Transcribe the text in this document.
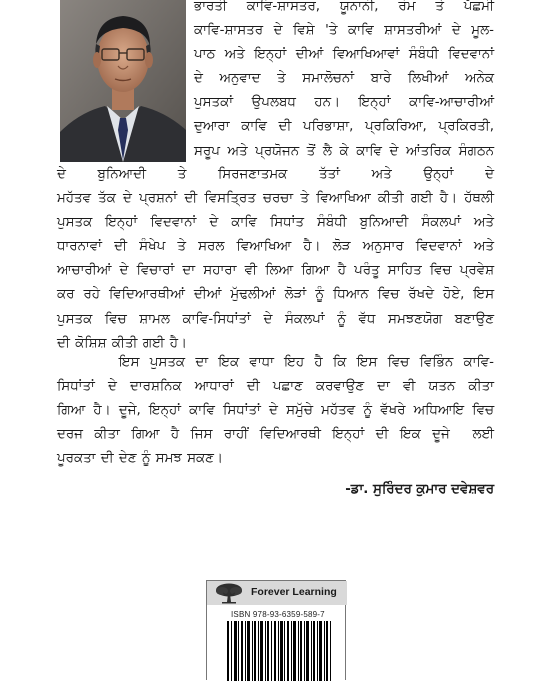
ਭਾਰਤੀ ਕਾਵਿ-ਸ਼ਾਸਤਰ, ਯੂਨਾਨੀ, ਰੋਮ ਤੇ ਪੱਛਮੀ
ਕਾਵਿ-ਸ਼ਾਸਤਰ ਦੇ ਵਿਸ਼ੇ 'ਤੇ ਕਾਵਿ ਸ਼ਾਸਤਰੀਆਂ ਦੇ ਮੂਲ-
ਪਾਠ ਅਤੇ ਇਨ੍ਹਾਂ ਦੀਆਂ ਵਿਆਖਿਆਵਾਂ ਸੰਬੰਧੀ ਵਿਦਵਾਨਾਂ
ਦੇ ਅਨੁਵਾਦ ਤੇ ਸਮਾਲੋਚਨਾਂ ਬਾਰੇ ਲਿਖੀਆਂ ਅਨੇਕ
ਪੁਸਤਕਾਂ ਉਪਲਬਧ ਹਨ। ਇਨ੍ਹਾਂ ਕਾਵਿ-ਆਚਾਰੀਆਂ
ਦੁਆਰਾ ਕਾਵਿ ਦੀ ਪਰਿਭਾਸ਼ਾ, ਪ੍ਰਕਿਰਿਆ, ਪ੍ਰਕਿਰਤੀ,
ਸਰੂਪ ਅਤੇ ਪ੍ਰਯੋਜਨ ਤੋਂ ਲੈ ਕੇ ਕਾਵਿ ਦੇ ਆਂਤਰਿਕ ਸੰਗਠਨ

ਦੇ ਬੁਨਿਆਦੀ ਤੇ ਸਿਰਜਣਾਤਮਕ ਤੱਤਾਂ ਅਤੇ ਉਨ੍ਹਾਂ ਦੇ
ਮਹੱਤਵ ਤੱਕ ਦੇ ਪ੍ਰਸ਼ਨਾਂ ਦੀ ਵਿਸਤ੍ਰਿਤ ਚਰਚਾ ਤੇ ਵਿਆਖਿਆ ਕੀਤੀ ਗਈ ਹੈ। ਹੱਥਲੀ
ਪੁਸਤਕ ਇਨ੍ਹਾਂ ਵਿਦਵਾਨਾਂ ਦੇ ਕਾਵਿ ਸਿਧਾਂਤ ਸੰਬੰਧੀ ਬੁਨਿਆਦੀ ਸੰਕਲਪਾਂ ਅਤੇ
ਧਾਰਨਾਵਾਂ ਦੀ ਸੰਖੇਪ ਤੇ ਸਰਲ ਵਿਆਖਿਆ ਹੈ। ਲੋੜ ਅਨੁਸਾਰ ਵਿਦਵਾਨਾਂ ਅਤੇ
ਆਚਾਰੀਆਂ ਦੇ ਵਿਚਾਰਾਂ ਦਾ ਸਹਾਰਾ ਵੀ ਲਿਆ ਗਿਆ ਹੈ ਪਰੰਤੂ ਸਾਹਿਤ ਵਿਚ ਪ੍ਰਵੇਸ਼
ਕਰ ਰਹੇ ਵਿਦਿਆਰਥੀਆਂ ਦੀਆਂ ਮੁੱਢਲੀਆਂ ਲੋੜਾਂ ਨੂੰ ਧਿਆਨ ਵਿਚ ਰੱਖਦੇ ਹੋਏ, ਇਸ
ਪੁਸਤਕ ਵਿਚ ਸ਼ਾਮਲ ਕਾਵਿ-ਸਿਧਾਂਤਾਂ ਦੇ ਸੰਕਲਪਾਂ ਨੂੰ ਵੱਧ ਸਮਝਣਯੋਗ ਬਣਾਉਣ
ਦੀ ਕੋਸ਼ਿਸ਼ ਕੀਤੀ ਗਈ ਹੈ।

ਇਸ ਪੁਸਤਕ ਦਾ ਇਕ ਵਾਧਾ ਇਹ ਹੈ ਕਿ ਇਸ ਵਿਚ ਵਿਭਿੰਨ ਕਾਵਿ-
ਸਿਧਾਂਤਾਂ ਦੇ ਦਾਰਸ਼ਨਿਕ ਆਧਾਰਾਂ ਦੀ ਪਛਾਣ ਕਰਵਾਉਣ ਦਾ ਵੀ ਯਤਨ ਕੀਤਾ
ਗਿਆ ਹੈ। ਦੂਜੇ, ਇਨ੍ਹਾਂ ਕਾਵਿ ਸਿਧਾਂਤਾਂ ਦੇ ਸਮੁੱਚੇ ਮਹੱਤਵ ਨੂੰ ਵੱਖਰੇ ਅਧਿਆਇ ਵਿਚ
ਦਰਜ ਕੀਤਾ ਗਿਆ ਹੈ ਜਿਸ ਰਾਹੀਂ ਵਿਦਿਆਰਥੀ ਇਨ੍ਹਾਂ ਦੀ ਇਕ ਦੂਜੇ  ਲਈ
ਪੂਰਕਤਾ ਦੀ ਦੇਣ ਨੂੰ ਸਮਝ ਸਕਣ।

-ਡਾ. ਸੁਰਿੰਦਰ ਕੁਮਾਰ ਦਵੇਸ਼ਵਰ
Forever Learning
ISBN 978-93-6359-589-7
